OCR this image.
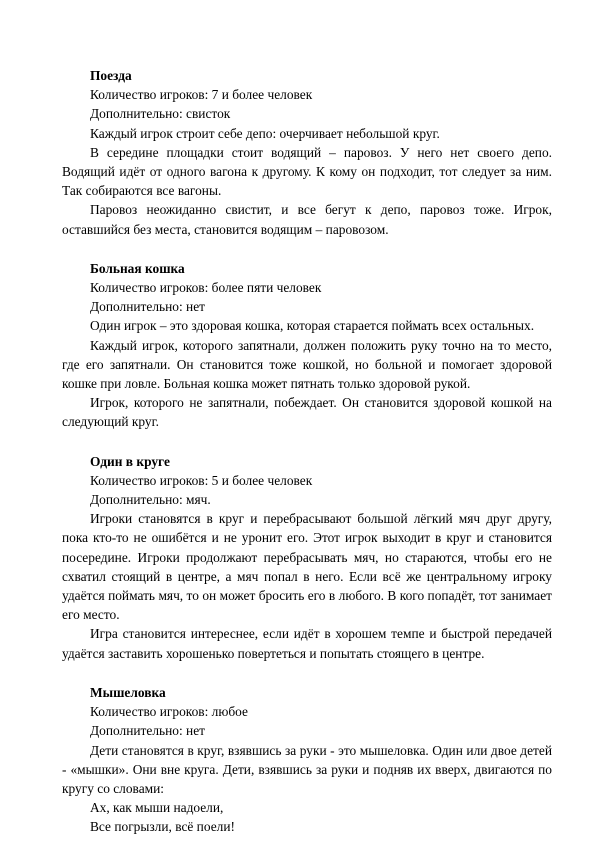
Поезда

Количество игроков: 7 и более человек

Дополнительно: свисток

Каждый игрок строит себе депо: очерчивает небольшой круг.

В середине площадки стоит водящий – паровоз. У него нет своего депо. Водящий идёт от одного вагона к другому. К кому он подходит, тот следует за ним. Так собираются все вагоны.

Паровоз неожиданно свистит, и все бегут к депо, паровоз тоже. Игрок, оставшийся без места, становится водящим – паровозом.

Больная кошка

Количество игроков: более пяти человек

Дополнительно: нет

Один игрок – это здоровая кошка, которая старается поймать всех остальных.

Каждый игрок, которого запятнали, должен положить руку точно на то место, где его запятнали. Он становится тоже кошкой, но больной и помогает здоровой кошке при ловле. Больная кошка может пятнать только здоровой рукой.

Игрок, которого не запятнали, побеждает. Он становится здоровой кошкой на следующий круг.

Один в круге

Количество игроков: 5 и более человек

Дополнительно: мяч.

Игроки становятся в круг и перебрасывают большой лёгкий мяч друг другу, пока кто-то не ошибётся и не уронит его. Этот игрок выходит в круг и становится посередине. Игроки продолжают перебрасывать мяч, но стараются, чтобы его не схватил стоящий в центре, а мяч попал в него. Если всё же центральному игроку удаётся поймать мяч, то он может бросить его в любого. В кого попадёт, тот занимает его место.

Игра становится интереснее, если идёт в хорошем темпе и быстрой передачей удаётся заставить хорошенько повертеться и попытать стоящего в центре.

Мышеловка

Количество игроков: любое

Дополнительно: нет

Дети становятся в круг, взявшись за руки - это мышеловка. Один или двое детей - «мышки». Они вне круга. Дети, взявшись за руки и подняв их вверх, двигаются по кругу со словами:

Ах, как мыши надоели,

Все погрызли, всё поели!
